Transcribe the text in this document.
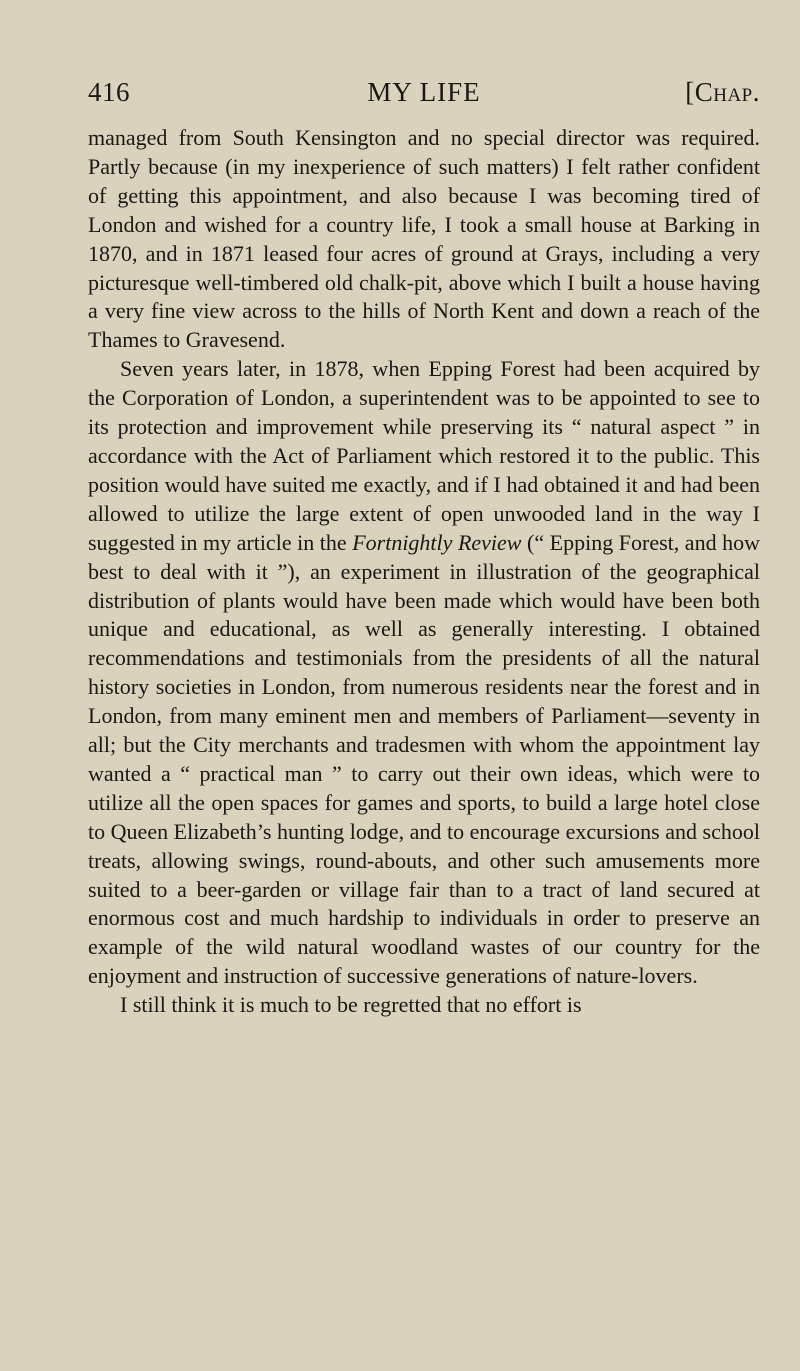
416	MY LIFE	[Chap.

managed from South Kensington and no special director was required. Partly because (in my inexperience of such matters) I felt rather confident of getting this appointment, and also because I was becoming tired of London and wished for a country life, I took a small house at Barking in 1870, and in 1871 leased four acres of ground at Grays, including a very picturesque well-timbered old chalk-pit, above which I built a house having a very fine view across to the hills of North Kent and down a reach of the Thames to Gravesend.

Seven years later, in 1878, when Epping Forest had been acquired by the Corporation of London, a superintendent was to be appointed to see to its protection and improvement while preserving its “ natural aspect ” in accordance with the Act of Parliament which restored it to the public. This position would have suited me exactly, and if I had obtained it and had been allowed to utilize the large extent of open unwooded land in the way I suggested in my article in the Fortnightly Review (“ Epping Forest, and how best to deal with it ”), an experiment in illustration of the geographical distribution of plants would have been made which would have been both unique and educational, as well as generally interesting. I obtained recommendations and testimonials from the presidents of all the natural history societies in London, from numerous residents near the forest and in London, from many eminent men and members of Parliament—seventy in all; but the City merchants and tradesmen with whom the appointment lay wanted a “ practical man ” to carry out their own ideas, which were to utilize all the open spaces for games and sports, to build a large hotel close to Queen Elizabeth’s hunting lodge, and to encourage excursions and school treats, allowing swings, round-abouts, and other such amusements more suited to a beer-garden or village fair than to a tract of land secured at enormous cost and much hardship to individuals in order to preserve an example of the wild natural woodland wastes of our country for the enjoyment and instruction of successive generations of nature-lovers.

I still think it is much to be regretted that no effort is
